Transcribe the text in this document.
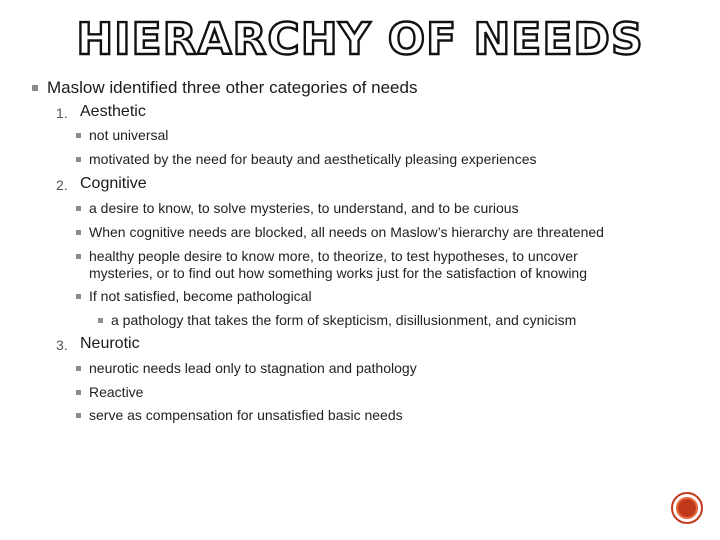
HIERARCHY OF NEEDS
Maslow identified three other categories of needs
1. Aesthetic
not universal
motivated by the need for beauty and aesthetically pleasing experiences
2. Cognitive
a desire to know, to solve mysteries, to understand, and to be curious
When cognitive needs are blocked, all needs on Maslow’s hierarchy are threatened
healthy people desire to know more, to theorize, to test hypotheses, to uncover
mysteries, or to find out how something works just for the satisfaction of knowing
If not satisfied, become pathological
a pathology that takes the form of skepticism, disillusionment, and cynicism
3. Neurotic
neurotic needs lead only to stagnation and pathology
Reactive
serve as compensation for unsatisfied basic needs
